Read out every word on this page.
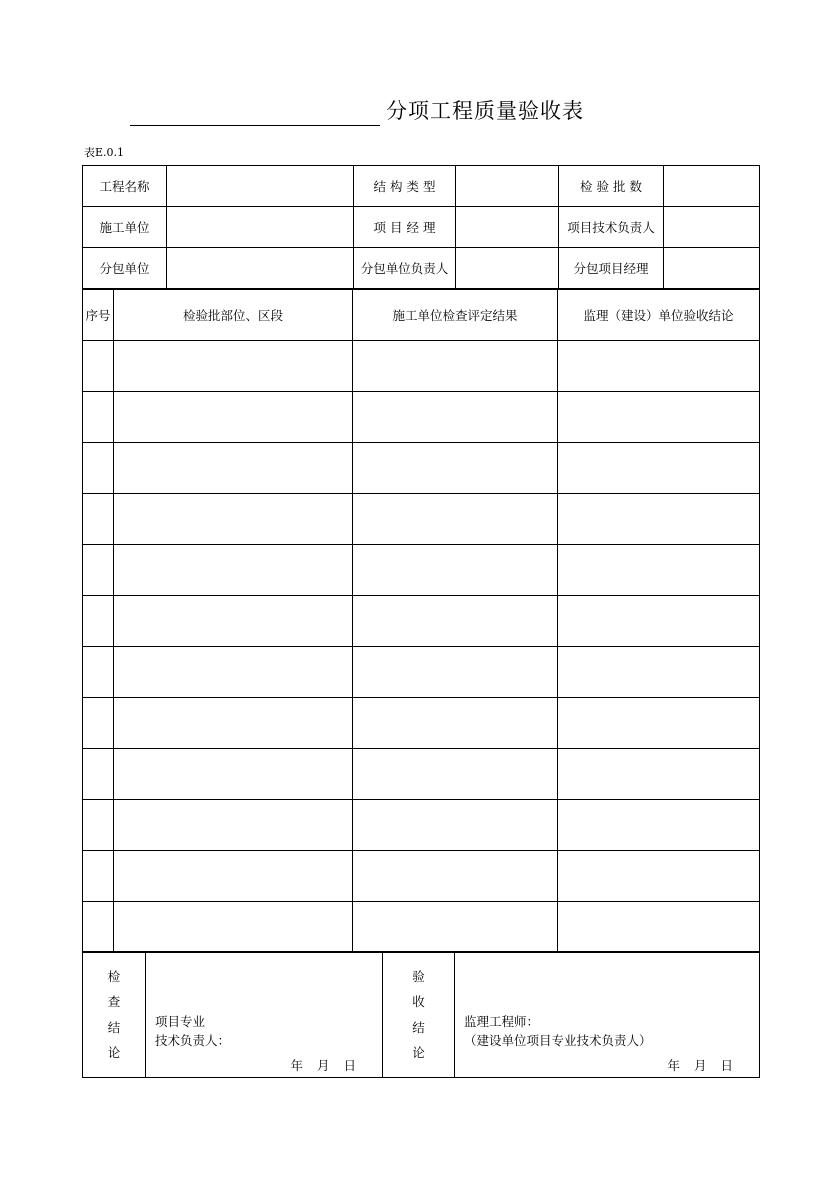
分项工程质量验收表
表E.0.1
工程名称		结 构 类 型		检 验 批 数	
施工单位		项 目 经 理		项目技术负责人	
分包单位		分包单位负责人		分包项目经理	
序号	检验批部位、区段	施工单位检查评定结果	监理（建设）单位验收结论

检
查
结
论

项目专业
技术负责人：
年 月 日

验
收
结
论

监理工程师：
（建设单位项目专业技术负责人）
年 月 日
